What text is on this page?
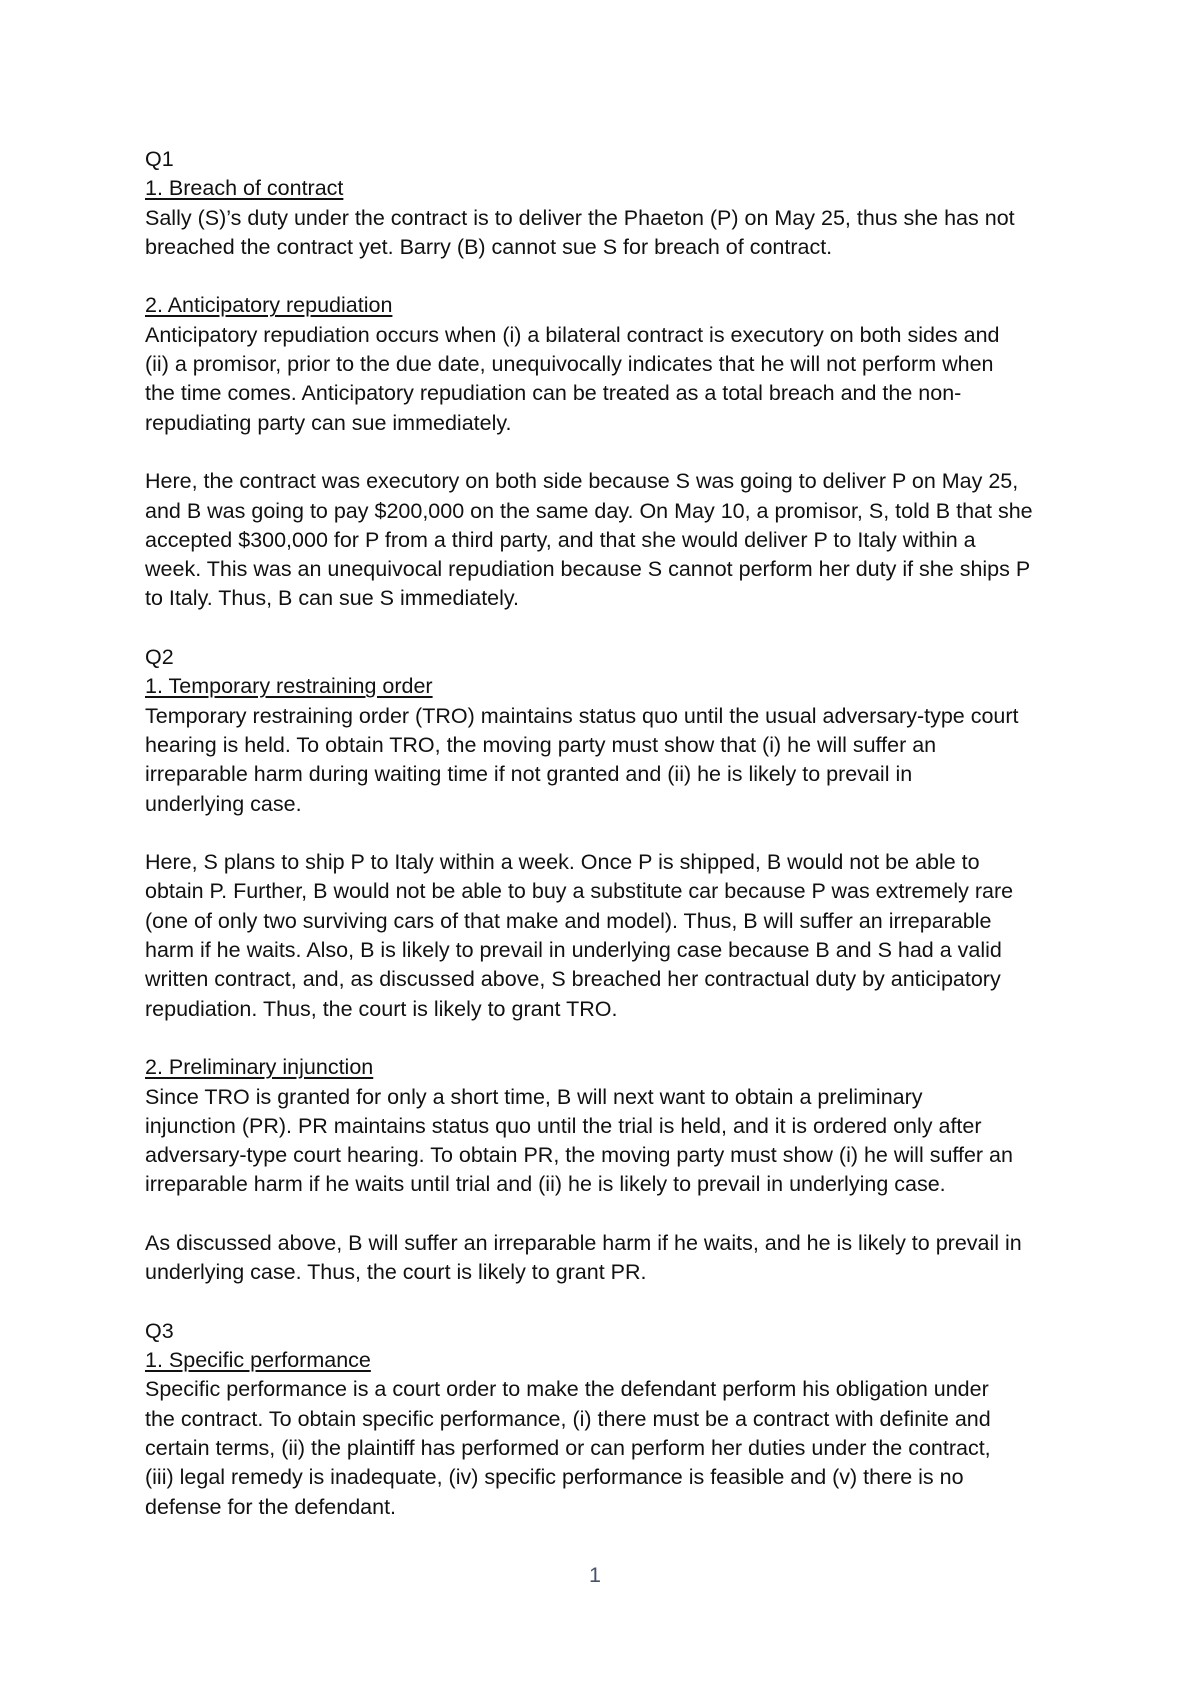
Q1
1. Breach of contract
Sally (S)’s duty under the contract is to deliver the Phaeton (P) on May 25, thus she has not
breached the contract yet. Barry (B) cannot sue S for breach of contract.
2. Anticipatory repudiation
Anticipatory repudiation occurs when (i) a bilateral contract is executory on both sides and
(ii) a promisor, prior to the due date, unequivocally indicates that he will not perform when
the time comes. Anticipatory repudiation can be treated as a total breach and the non-
repudiating party can sue immediately.
Here, the contract was executory on both side because S was going to deliver P on May 25,
and B was going to pay $200,000 on the same day. On May 10, a promisor, S, told B that she
accepted $300,000 for P from a third party, and that she would deliver P to Italy within a
week. This was an unequivocal repudiation because S cannot perform her duty if she ships P
to Italy. Thus, B can sue S immediately.
Q2
1. Temporary restraining order
Temporary restraining order (TRO) maintains status quo until the usual adversary-type court
hearing is held. To obtain TRO, the moving party must show that (i) he will suffer an
irreparable harm during waiting time if not granted and (ii) he is likely to prevail in
underlying case.
Here, S plans to ship P to Italy within a week. Once P is shipped, B would not be able to
obtain P. Further, B would not be able to buy a substitute car because P was extremely rare
(one of only two surviving cars of that make and model). Thus, B will suffer an irreparable
harm if he waits. Also, B is likely to prevail in underlying case because B and S had a valid
written contract, and, as discussed above, S breached her contractual duty by anticipatory
repudiation. Thus, the court is likely to grant TRO.
2. Preliminary injunction
Since TRO is granted for only a short time, B will next want to obtain a preliminary
injunction (PR). PR maintains status quo until the trial is held, and it is ordered only after
adversary-type court hearing. To obtain PR, the moving party must show (i) he will suffer an
irreparable harm if he waits until trial and (ii) he is likely to prevail in underlying case.
As discussed above, B will suffer an irreparable harm if he waits, and he is likely to prevail in
underlying case. Thus, the court is likely to grant PR.
Q3
1. Specific performance
Specific performance is a court order to make the defendant perform his obligation under
the contract. To obtain specific performance, (i) there must be a contract with definite and
certain terms, (ii) the plaintiff has performed or can perform her duties under the contract,
(iii) legal remedy is inadequate, (iv) specific performance is feasible and (v) there is no
defense for the defendant.
1
